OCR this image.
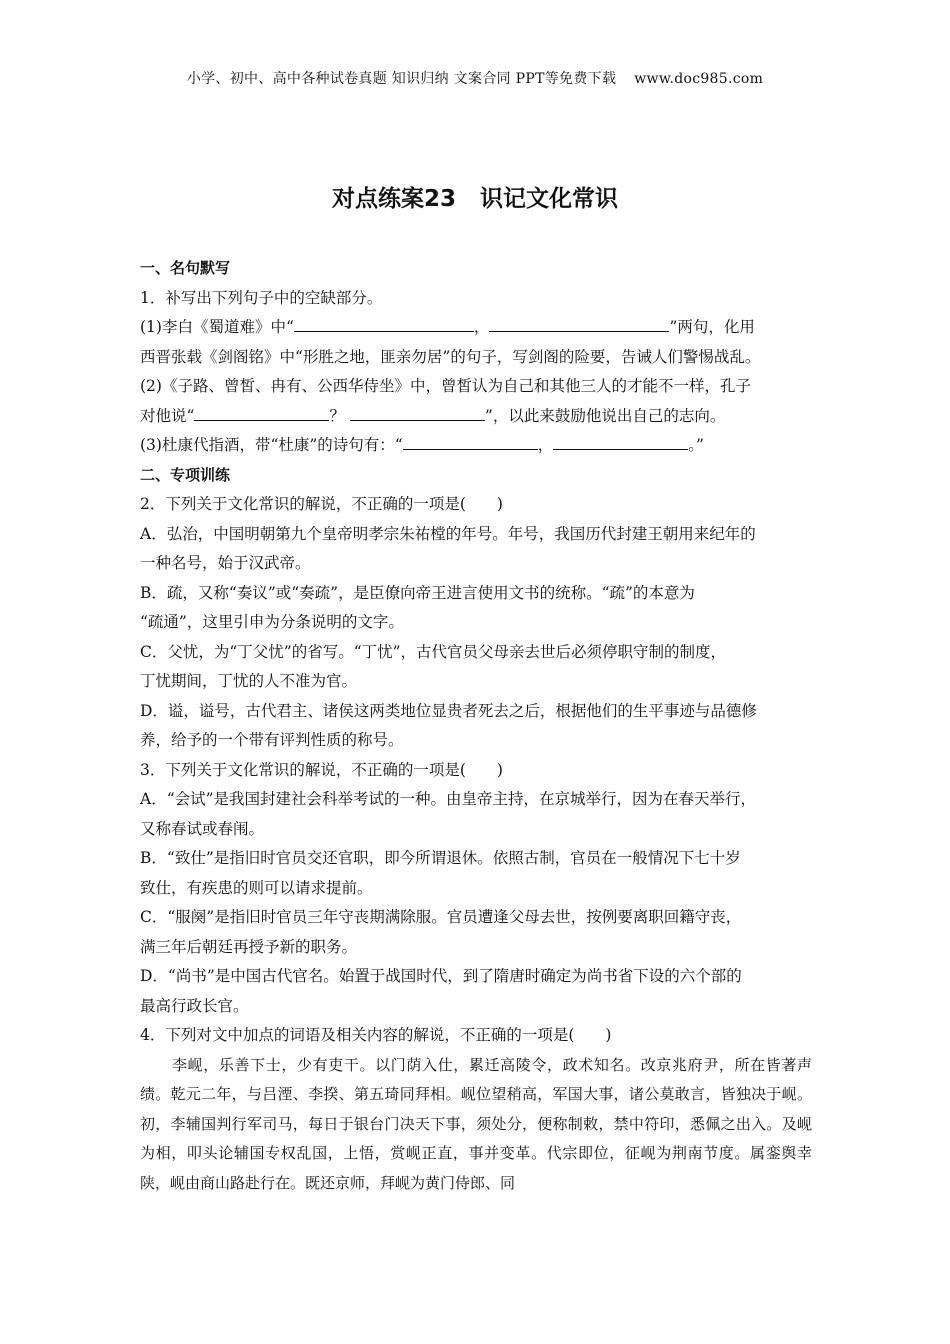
小学、初中、高中各种试卷真题 知识归纳 文案合同 PPT等免费下载 www.doc985.com
对点练案23 识记文化常识

一、名句默写

1．补写出下列句子中的空缺部分。

(1)李白《蜀道难》中“	，	”两句，化用

西晋张载《剑阁铭》中“形胜之地，匪亲勿居”的句子，写剑阁的险要，告诫人们警惕战乱。

(2)《子路、曾皙、冉有、公西华侍坐》中，曾皙认为自己和其他三人的才能不一样，孔子

对他说“	？	”，以此来鼓励他说出自己的志向。

(3)杜康代指酒，带“杜康”的诗句有：“	，	。”

二、专项训练

2．下列关于文化常识的解说，不正确的一项是(　　)

A．弘治，中国明朝第九个皇帝明孝宗朱祐樘的年号。年号，我国历代封建王朝用来纪年的

一种名号，始于汉武帝。

B．疏，又称“奏议”或“奏疏”，是臣僚向帝王进言使用文书的统称。“疏”的本意为

“疏通”，这里引申为分条说明的文字。

C．父忧，为“丁父忧”的省写。“丁忧”，古代官员父母亲去世后必须停职守制的制度，

丁忧期间，丁忧的人不准为官。

D．谥，谥号，古代君主、诸侯这两类地位显贵者死去之后，根据他们的生平事迹与品德修

养，给予的一个带有评判性质的称号。

3．下列关于文化常识的解说，不正确的一项是(　　)

A．“会试”是我国封建社会科举考试的一种。由皇帝主持，在京城举行，因为在春天举行，

又称春试或春闱。

B．“致仕”是指旧时官员交还官职，即今所谓退休。依照古制，官员在一般情况下七十岁

致仕，有疾患的则可以请求提前。

C．“服阕”是指旧时官员三年守丧期满除服。官员遭逢父母去世，按例要离职回籍守丧，

满三年后朝廷再授予新的职务。

D．“尚书”是中国古代官名。始置于战国时代，到了隋唐时确定为尚书省下设的六个部的

最高行政长官。

4．下列对文中加点的词语及相关内容的解说，不正确的一项是(　　)

李岘，乐善下士，少有吏干。以门荫入仕，累迁高陵令，政术知名。改京兆府尹，所在皆著声绩。乾元二年，与吕湮、李揆、第五琦同拜相。岘位望稍高，军国大事，诸公莫敢言，皆独决于岘。初，李辅国判行军司马，每日于银台门决天下事，须处分，便称制敕，禁中符印，悉佩之出入。及岘为相，叩头论辅国专权乱国，上悟，赏岘正直，事并变革。代宗即位，征岘为荆南节度。属銮舆幸陕，岘由商山路赴行在。既还京师，拜岘为黄门侍郎、同
